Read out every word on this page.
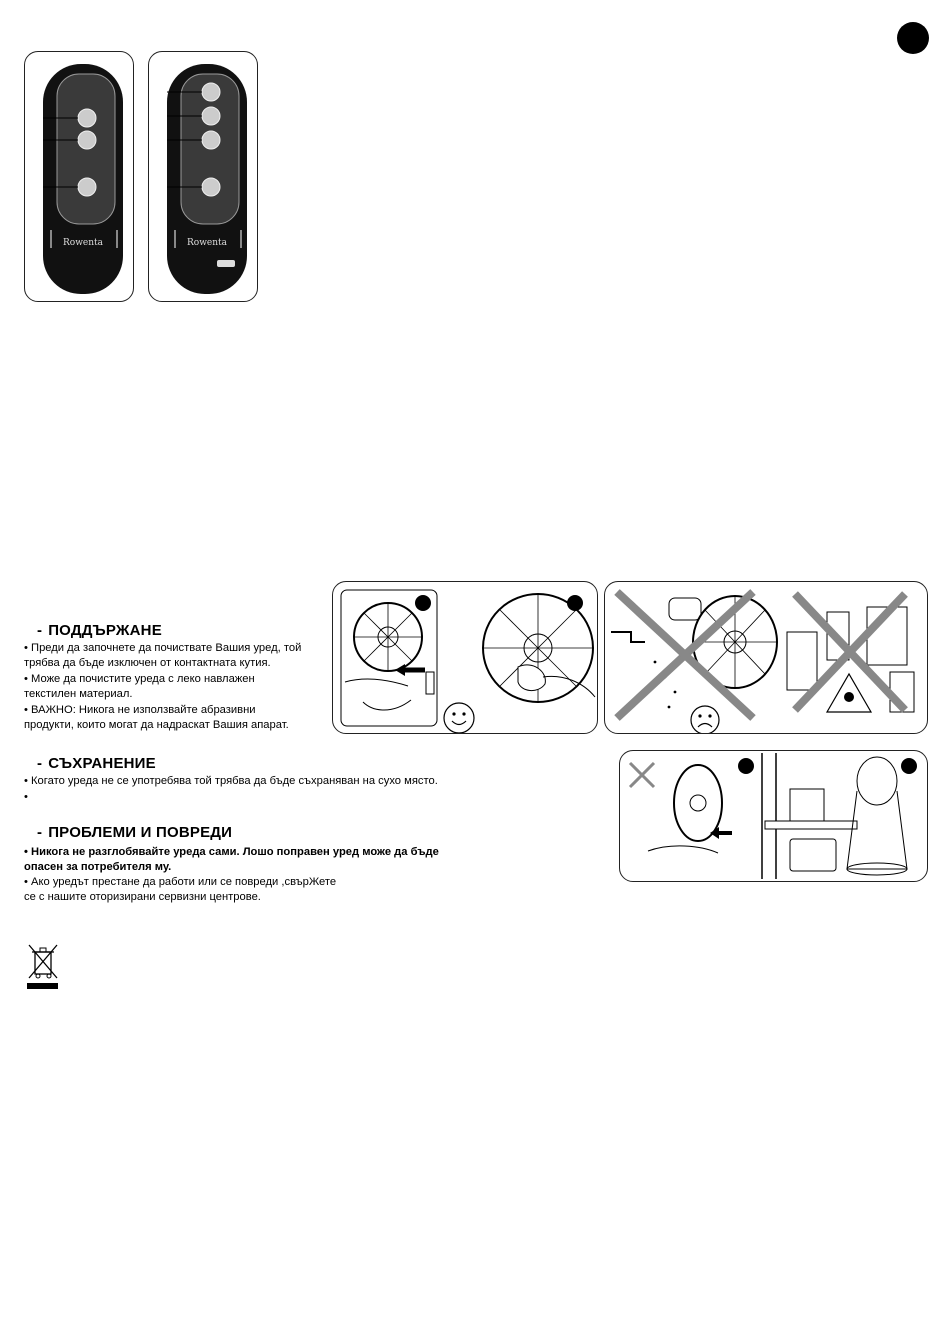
Rowenta	Rowenta
- ПОДДЪРЖАНЕ
• Преди да започнете да почиствате Вашия уред, той
трябва да бъде изключен от контактната кутия.
• Може да почистите уреда с леко навлажен
текстилен материал.
• ВАЖНО: Никога не използвайте абразивни
продукти, които могат да надраскат Вашия апарат.
- СЪХРАНЕНИЕ
• Когато уреда не се употребява той трябва да бъде съхраняван на сухо място.
•
- ПРОБЛЕМИ И ПОВРЕДИ
• Никога не разглобявайте уреда сами. Лошо поправен уред може да бъде
опасен за потребителя му.
• Ако уредът престане да работи или се повреди ,свърЖете
се с нашите оторизирани сервизни центрове.
